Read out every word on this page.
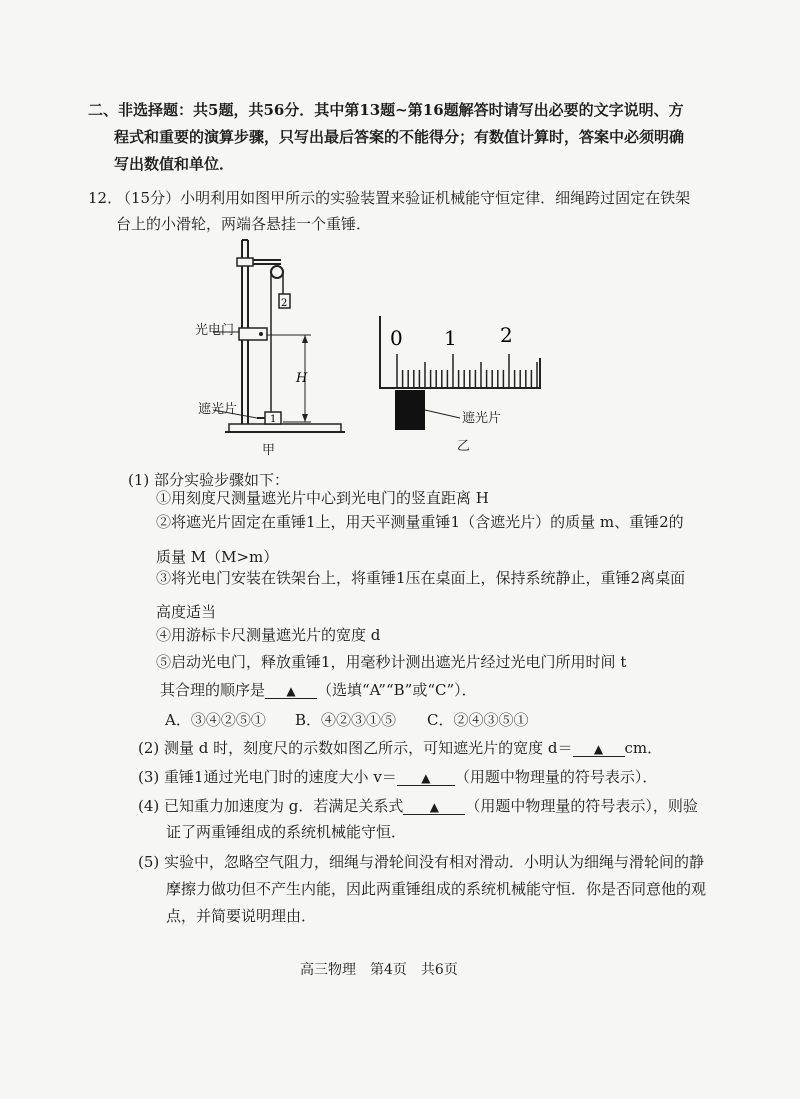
二、非选择题：共5题，共56分．其中第13题~第16题解答时请写出必要的文字说明、方
程式和重要的演算步骤，只写出最后答案的不能得分；有数值计算时，答案中必须明确
写出数值和单位．
12．
（15分）小明利用如图甲所示的实验装置来验证机械能守恒定律．细绳跨过固定在铁架
台上的小滑轮，两端各悬挂一个重锤．
2
H
1
光电门
遮光片
甲
0 1 2
遮光片
乙
(1) 部分实验步骤如下：
①用刻度尺测量遮光片中心到光电门的竖直距离 H
②将遮光片固定在重锤1上，用天平测量重锤1（含遮光片）的质量 m、重锤2的
质量 M（M>m）
③将光电门安装在铁架台上，将重锤1压在桌面上，保持系统静止，重锤2离桌面
高度适当
④用游标卡尺测量遮光片的宽度 d
⑤启动光电门，释放重锤1，用毫秒计测出遮光片经过光电门所用时间 t
其合理的顺序是 ▲ （选填“A”“B”或“C”）．
A．③④②⑤① B．④②③①⑤ C．②④③⑤①
(2) 测量 d 时，刻度尺的示数如图乙所示，可知遮光片的宽度 d＝ ▲ cm．
(3) 重锤1通过光电门时的速度大小 v＝ ▲ （用题中物理量的符号表示）．
(4) 已知重力加速度为 g．若满足关系式 ▲ （用题中物理量的符号表示），则验
证了两重锤组成的系统机械能守恒．
(5) 实验中，忽略空气阻力，细绳与滑轮间没有相对滑动．小明认为细绳与滑轮间的静
摩擦力做功但不产生内能，因此两重锤组成的系统机械能守恒．你是否同意他的观
点，并简要说明理由．
高三物理　第4页　共6页
